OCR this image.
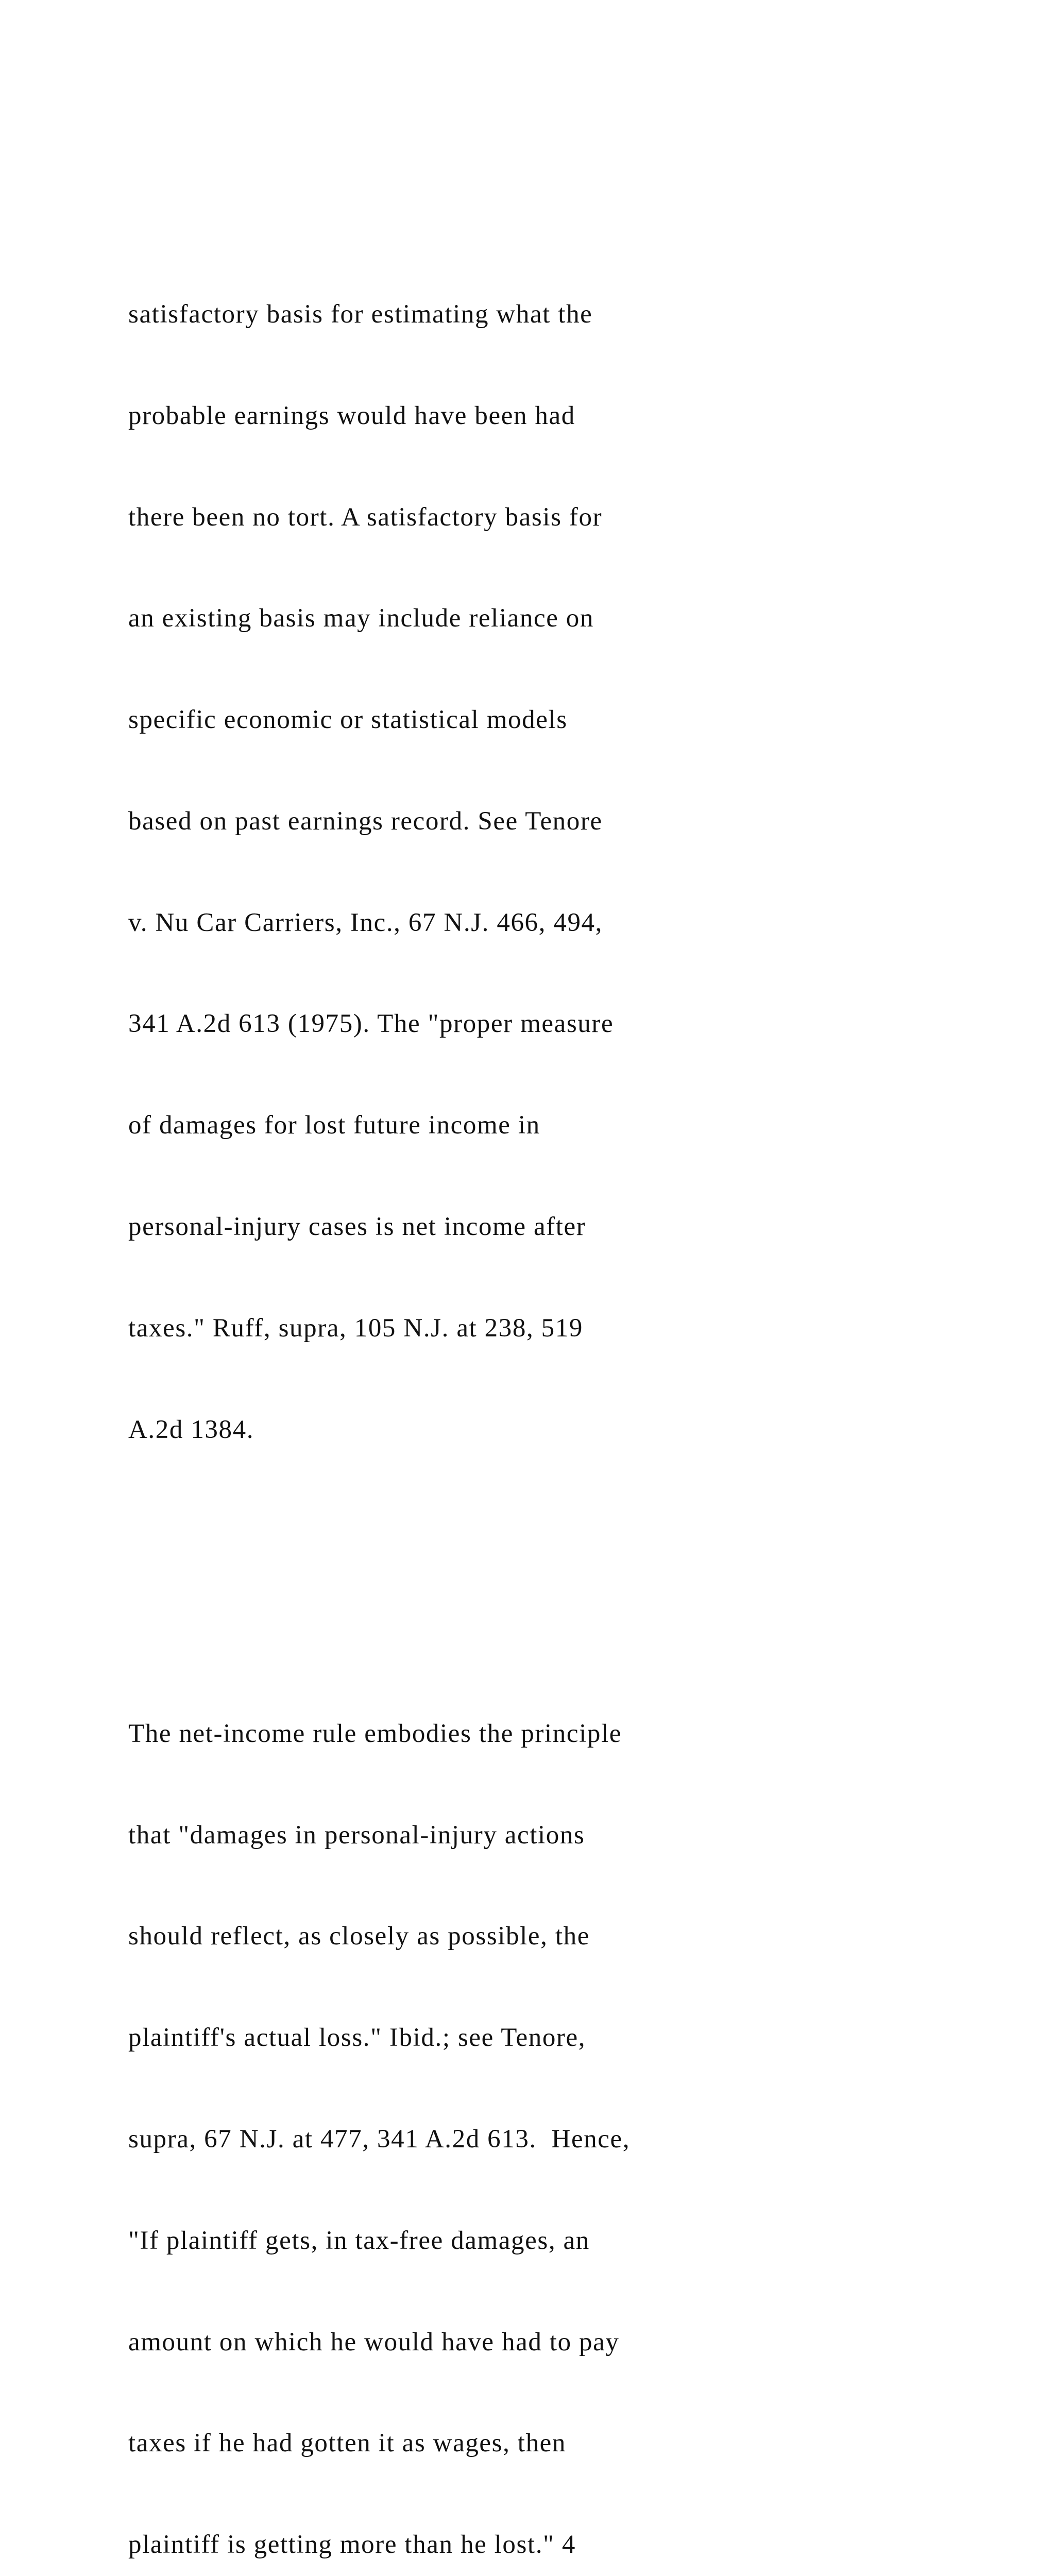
satisfactory basis for estimating what the

probable earnings would have been had

there been no tort. A satisfactory basis for

an existing basis may include reliance on

specific economic or statistical models

based on past earnings record. See Tenore

v. Nu Car Carriers, Inc., 67 N.J. 466, 494,

341 A.2d 613 (1975). The "proper measure

of damages for lost future income in

personal-injury cases is net income after

taxes." Ruff, supra, 105 N.J. at 238, 519

A.2d 1384.

The net-income rule embodies the principle

that "damages in personal-injury actions

should reflect, as closely as possible, the

plaintiff's actual loss." Ibid.; see Tenore,

supra, 67 N.J. at 477, 341 A.2d 613.  Hence,

"If plaintiff gets, in tax-free damages, an

amount on which he would have had to pay

taxes if he had gotten it as wages, then

plaintiff is getting more than he lost." 4
